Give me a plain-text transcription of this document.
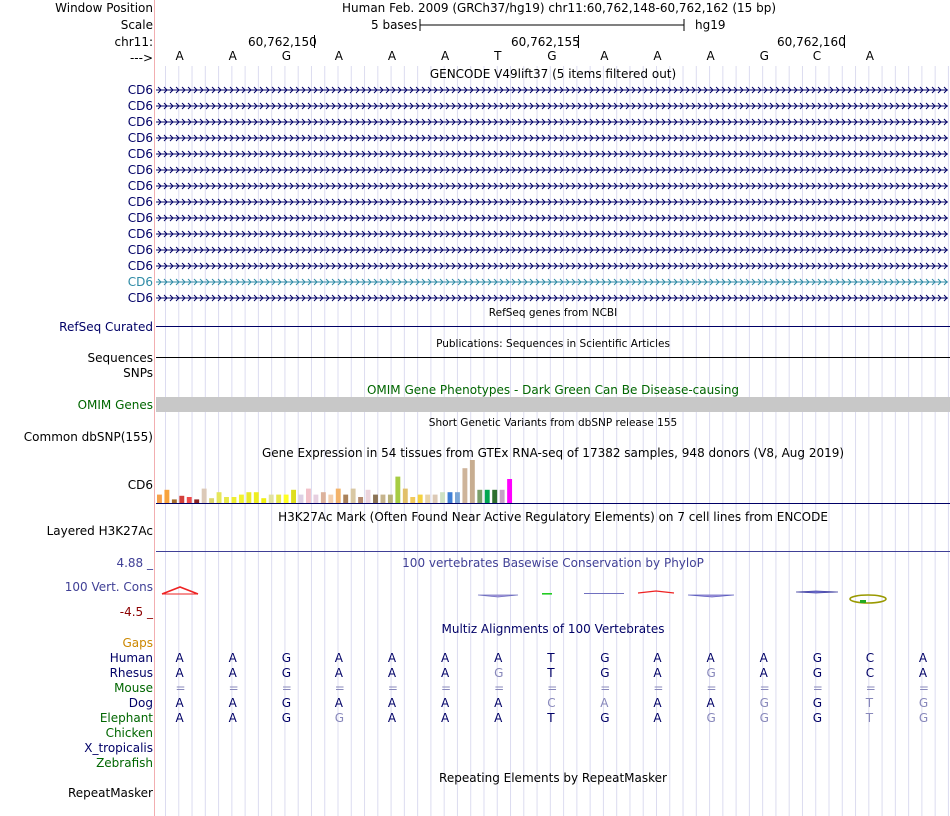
Window Position	Human Feb. 2009 (GRCh37/hg19) chr11:60,762,148-60,762,162 (15 bp)
Scale	5 bases	hg19
chr11:	60,762,150	60,762,155	60,762,160
---> A	A	G	A	A	A	T	G	A	A	A	G	C	A
GENCODE V49lift37 (5 items filtered out)
CD6
CD6
CD6
CD6
CD6
CD6
CD6
CD6
CD6
CD6
CD6
CD6
CD6
CD6
RefSeq genes from NCBI
RefSeq Curated
Publications: Sequences in Scientific Articles
Sequences
SNPs
OMIM Gene Phenotypes - Dark Green Can Be Disease-causing
OMIM Genes
Short Genetic Variants from dbSNP release 155
Common dbSNP(155)
Gene Expression in 54 tissues from GTEx RNA-seq of 17382 samples, 948 donors (V8, Aug 2019)
CD6
H3K27Ac Mark (Often Found Near Active Regulatory Elements) on 7 cell lines from ENCODE
Layered H3K27Ac
100 vertebrates Basewise Conservation by PhyloP
4.88 _
100 Vert. Cons
-4.5 _
Multiz Alignments of 100 Vertebrates
Gaps
Human A	A	G	A	A	A	A	T	G	A	A	A	G	C	A
Rhesus A	A	G	A	A	A	G	T	G	A	G	A	G	C	A
Mouse =	=	=	=	=	=	=	=	=	=	=	=	=	=	=
Dog A	A	G	A	A	A	A	C	A	A	A	G	G	T	G
Elephant A	A	G	G	A	A	A	T	G	A	G	G	G	T	G
Chicken
X_tropicalis
Zebrafish
Repeating Elements by RepeatMasker
RepeatMasker
